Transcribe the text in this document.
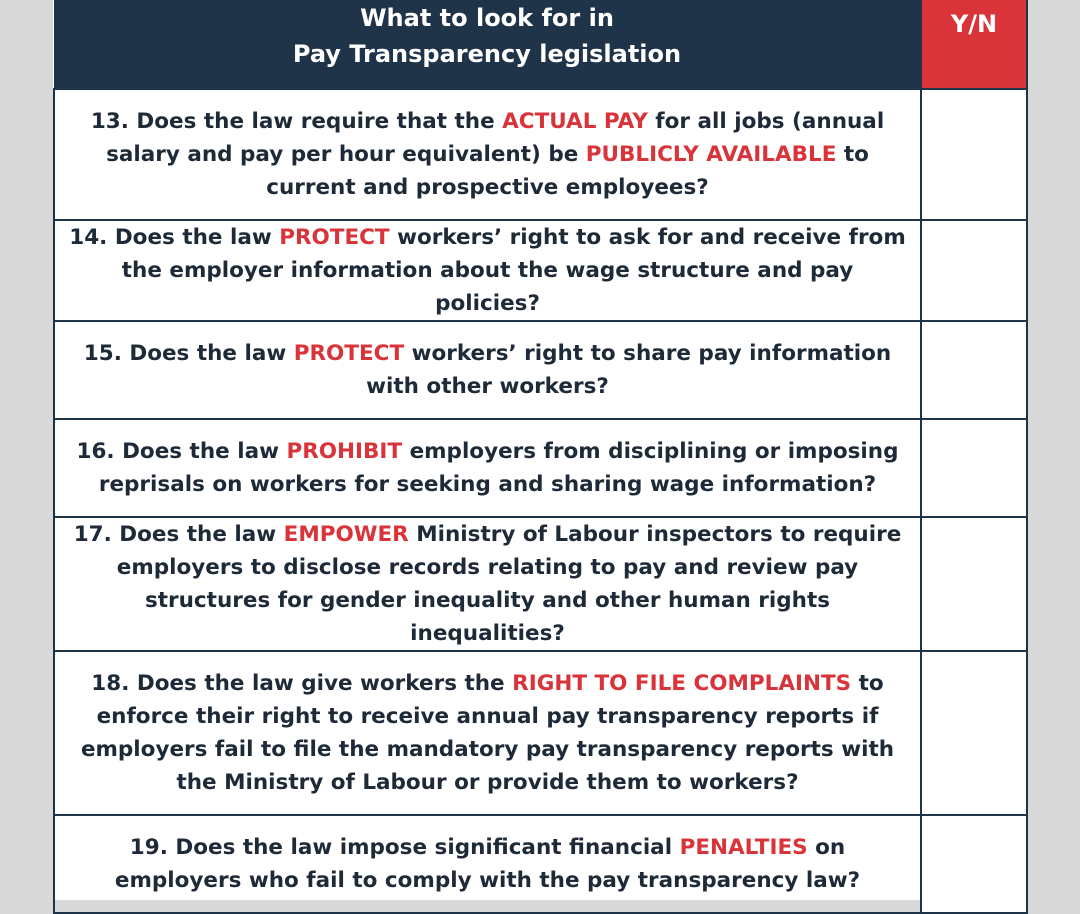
What to look for in
Pay Transparency legislation	Y/N
13. Does the law require that the ACTUAL PAY for all jobs (annual salary and pay per hour equivalent) be PUBLICLY AVAILABLE to current and prospective employees?	
14. Does the law PROTECT workers’ right to ask for and receive from the employer information about the wage structure and pay policies?	
15. Does the law PROTECT workers’ right to share pay information with other workers?	
16. Does the law PROHIBIT employers from disciplining or imposing reprisals on workers for seeking and sharing wage information?	
17. Does the law EMPOWER Ministry of Labour inspectors to require employers to disclose records relating to pay and review pay structures for gender inequality and other human rights inequalities?	
18. Does the law give workers the RIGHT TO FILE COMPLAINTS to enforce their right to receive annual pay transparency reports if employers fail to file the mandatory pay transparency reports with the Ministry of Labour or provide them to workers?	
19. Does the law impose significant financial PENALTIES on employers who fail to comply with the pay transparency law?	
